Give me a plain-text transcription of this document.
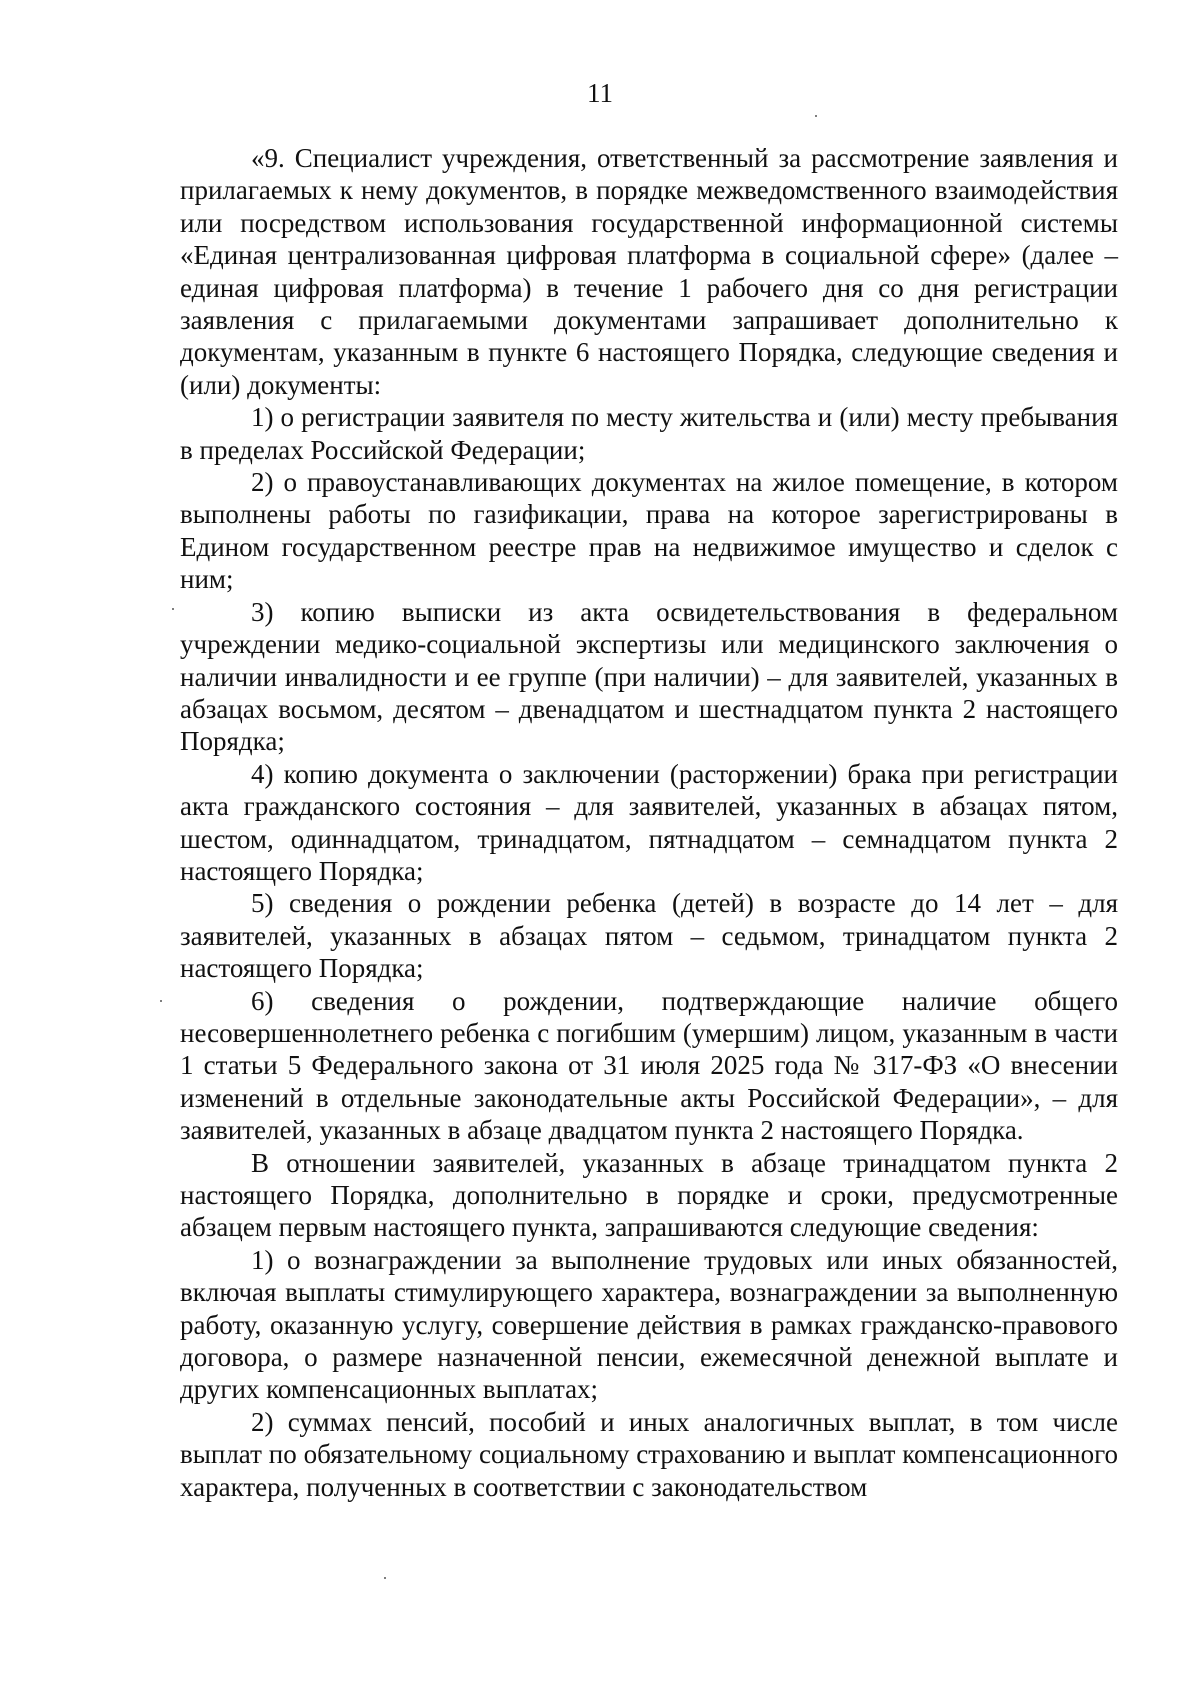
11

«9. Специалист учреждения, ответственный за рассмотрение заявления и прилагаемых к нему документов, в порядке межведомственного взаимодействия или посредством использования государственной информационной системы «Единая централизованная цифровая платформа в социальной сфере» (далее – единая цифровая платформа) в течение 1 рабочего дня со дня регистрации заявления с прилагаемыми документами запрашивает дополнительно к документам, указанным в пункте 6 настоящего Порядка, следующие сведения и (или) документы:

1) о регистрации заявителя по месту жительства и (или) месту пребывания в пределах Российской Федерации;

2) о правоустанавливающих документах на жилое помещение, в котором выполнены работы по газификации, права на которое зарегистрированы в Едином государственном реестре прав на недвижимое имущество и сделок с ним;

3) копию выписки из акта освидетельствования в федеральном учреждении медико-социальной экспертизы или медицинского заключения о наличии инвалидности и ее группе (при наличии) – для заявителей, указанных в абзацах восьмом, десятом – двенадцатом и шестнадцатом пункта 2 настоящего Порядка;

4) копию документа о заключении (расторжении) брака при регистрации акта гражданского состояния – для заявителей, указанных в абзацах пятом, шестом, одиннадцатом, тринадцатом, пятнадцатом – семнадцатом пункта 2 настоящего Порядка;

5) сведения о рождении ребенка (детей) в возрасте до 14 лет – для заявителей, указанных в абзацах пятом – седьмом, тринадцатом пункта 2 настоящего Порядка;

6) сведения о рождении, подтверждающие наличие общего несовершеннолетнего ребенка с погибшим (умершим) лицом, указанным в части 1 статьи 5 Федерального закона от 31 июля 2025 года № 317-ФЗ «О внесении изменений в отдельные законодательные акты Российской Федерации», – для заявителей, указанных в абзаце двадцатом пункта 2 настоящего Порядка.

В отношении заявителей, указанных в абзаце тринадцатом пункта 2 настоящего Порядка, дополнительно в порядке и сроки, предусмотренные абзацем первым настоящего пункта, запрашиваются следующие сведения:

1) о вознаграждении за выполнение трудовых или иных обязанностей, включая выплаты стимулирующего характера, вознаграждении за выполненную работу, оказанную услугу, совершение действия в рамках гражданско-правового договора, о размере назначенной пенсии, ежемесячной денежной выплате и других компенсационных выплатах;

2) суммах пенсий, пособий и иных аналогичных выплат, в том числе выплат по обязательному социальному страхованию и выплат компенсационного характера, полученных в соответствии с законодательством
